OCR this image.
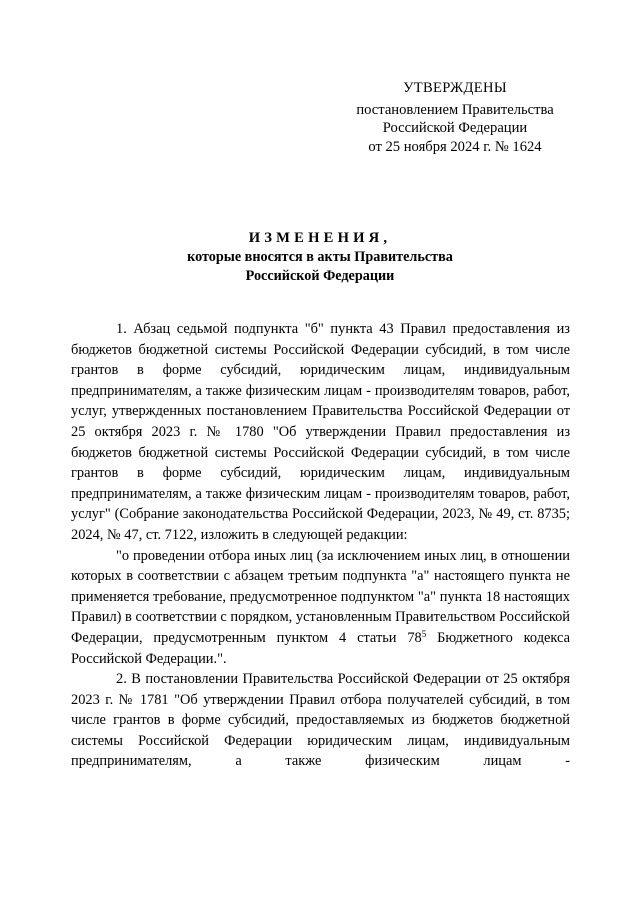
УТВЕРЖДЕНЫ
постановлением Правительства
Российской Федерации
от 25 ноября 2024 г. № 1624
ИЗМЕНЕНИЯ,
которые вносятся в акты Правительства
Российской Федерации

1. Абзац седьмой подпункта "б" пункта 43 Правил предоставления из бюджетов бюджетной системы Российской Федерации субсидий, в том числе грантов в форме субсидий, юридическим лицам, индивидуальным предпринимателям, а также физическим лицам - производителям товаров, работ, услуг, утвержденных постановлением Правительства Российской Федерации от 25 октября 2023 г. № 1780 "Об утверждении Правил предоставления из бюджетов бюджетной системы Российской Федерации субсидий, в том числе грантов в форме субсидий, юридическим лицам, индивидуальным предпринимателям, а также физическим лицам - производителям товаров, работ, услуг" (Собрание законодательства Российской Федерации, 2023, № 49, ст. 8735; 2024, № 47, ст. 7122, изложить в следующей редакции:

"о проведении отбора иных лиц (за исключением иных лиц, в отношении которых в соответствии с абзацем третьим подпункта "а" настоящего пункта не применяется требование, предусмотренное подпунктом "а" пункта 18 настоящих Правил) в соответствии с порядком, установленным Правительством Российской Федерации, предусмотренным пунктом 4 статьи $78^5$ Бюджетного кодекса Российской Федерации.".

2. В постановлении Правительства Российской Федерации от 25 октября 2023 г. № 1781 "Об утверждении Правил отбора получателей субсидий, в том числе грантов в форме субсидий, предоставляемых из бюджетов бюджетной системы Российской Федерации юридическим лицам, индивидуальным предпринимателям, а также физическим лицам -
